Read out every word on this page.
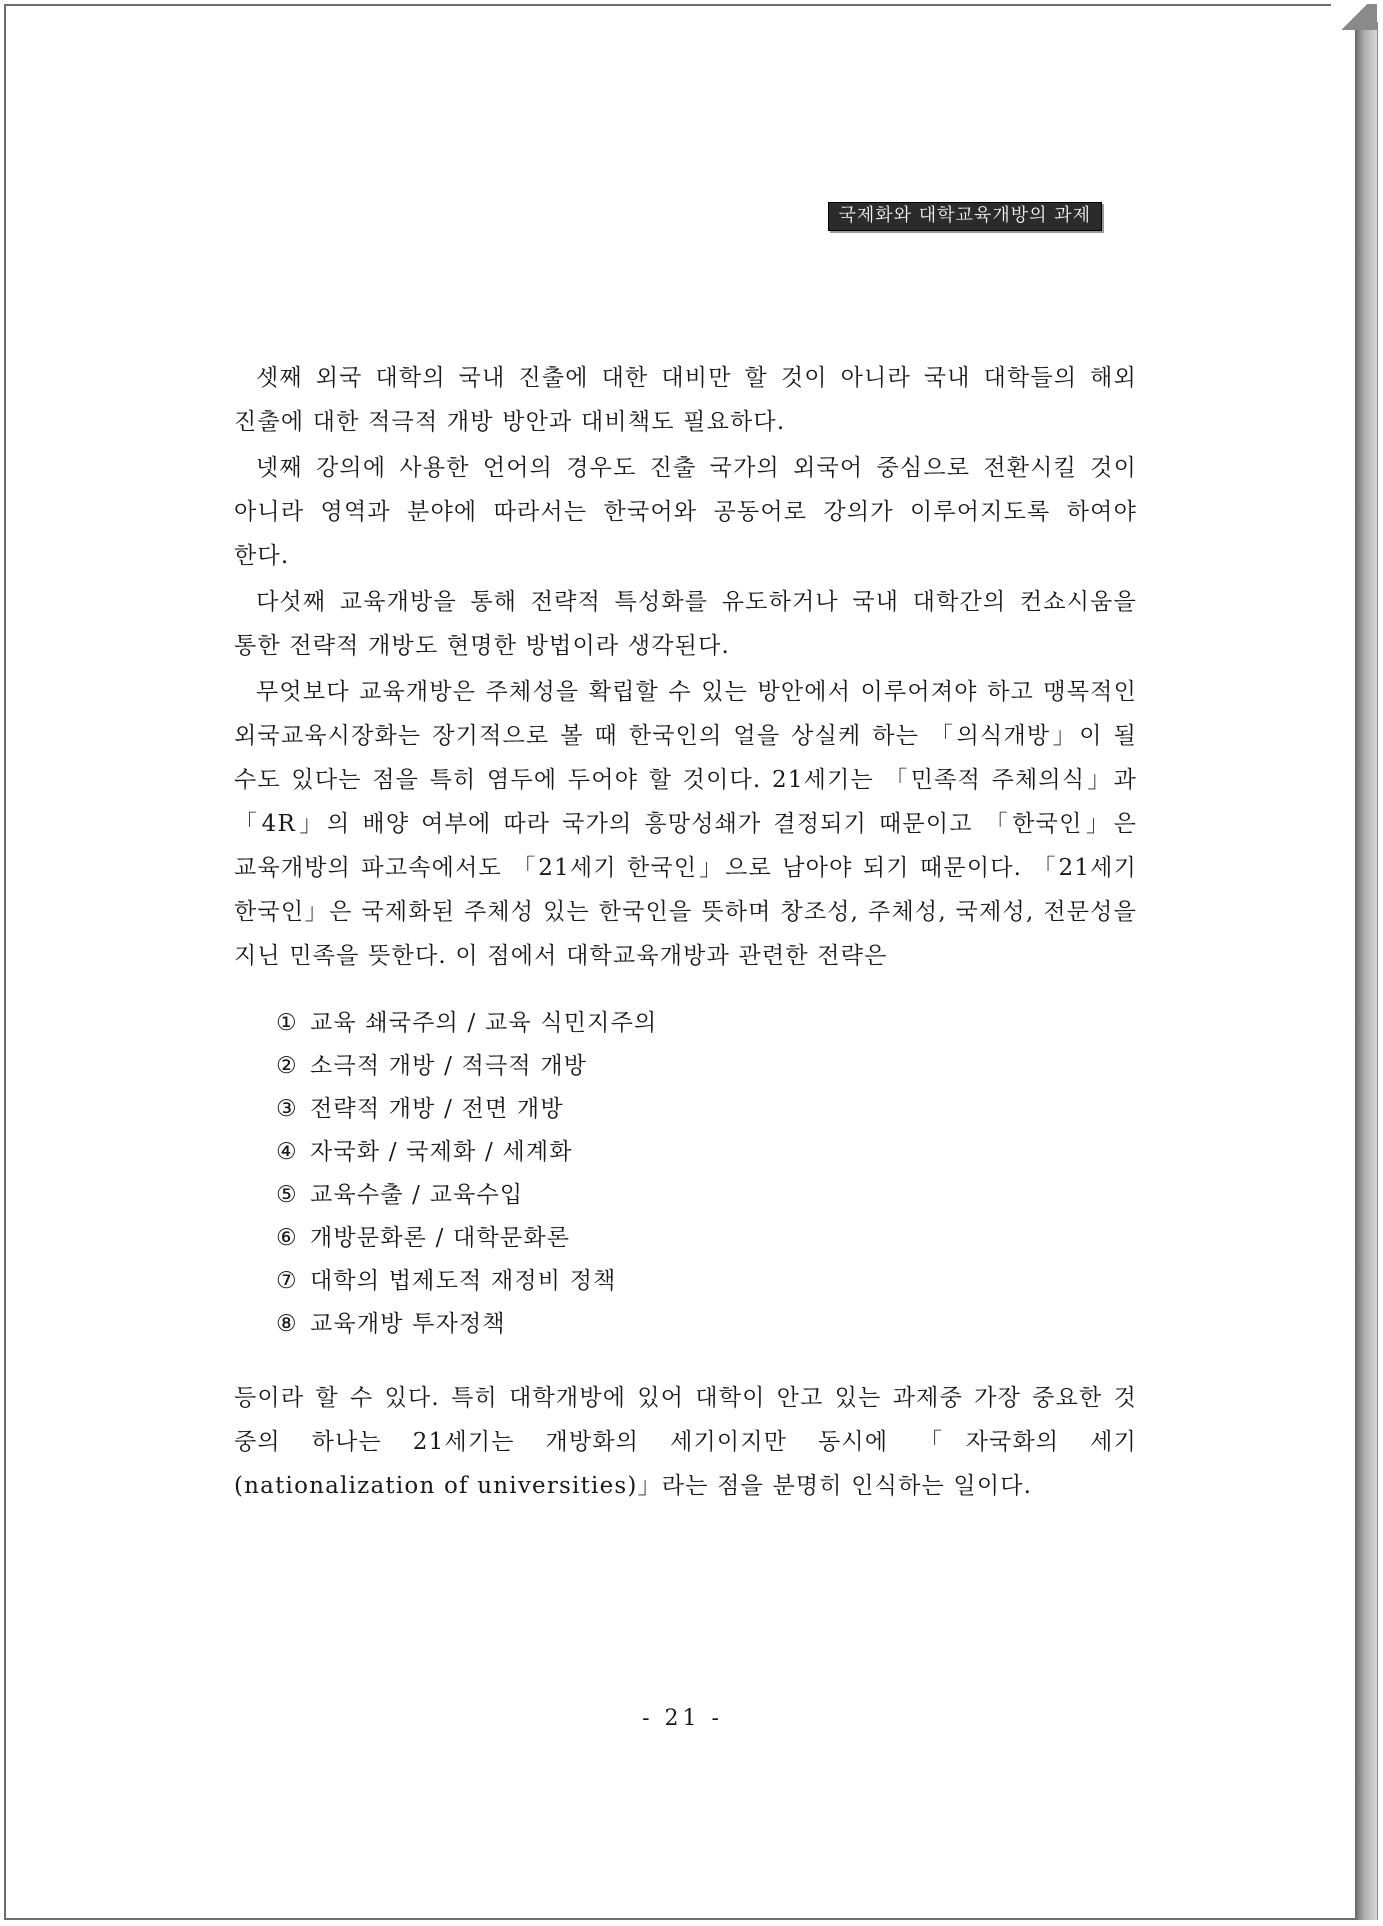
국제화와 대학교육개방의 과제

셋째 외국 대학의 국내 진출에 대한 대비만 할 것이 아니라 국내 대학들의 해외 진출에 대한 적극적 개방 방안과 대비책도 필요하다.

넷째 강의에 사용한 언어의 경우도 진출 국가의 외국어 중심으로 전환시킬 것이 아니라 영역과 분야에 따라서는 한국어와 공동어로 강의가 이루어지도록 하여야 한다.

다섯째 교육개방을 통해 전략적 특성화를 유도하거나 국내 대학간의 컨쇼시움을 통한 전략적 개방도 현명한 방법이라 생각된다.

무엇보다 교육개방은 주체성을 확립할 수 있는 방안에서 이루어져야 하고 맹목적인 외국교육시장화는 장기적으로 볼 때 한국인의 얼을 상실케 하는 「의식개방」이 될 수도 있다는 점을 특히 염두에 두어야 할 것이다. 21세기는 「민족적 주체의식」과 「4R」의 배양 여부에 따라 국가의 흥망성쇄가 결정되기 때문이고 「한국인」은 교육개방의 파고속에서도 「21세기 한국인」으로 남아야 되기 때문이다. 「21세기 한국인」은 국제화된 주체성 있는 한국인을 뜻하며 창조성, 주체성, 국제성, 전문성을 지닌 민족을 뜻한다. 이 점에서 대학교육개방과 관련한 전략은

① 교육 쇄국주의 / 교육 식민지주의
② 소극적 개방 / 적극적 개방
③ 전략적 개방 / 전면 개방
④ 자국화 / 국제화 / 세계화
⑤ 교육수출 / 교육수입
⑥ 개방문화론 / 대학문화론
⑦ 대학의 법제도적 재정비 정책
⑧ 교육개방 투자정책

등이라 할 수 있다. 특히 대학개방에 있어 대학이 안고 있는 과제중 가장 중요한 것 중의 하나는 21세기는 개방화의 세기이지만 동시에 「자국화의 세기 (nationalization of universities)」라는 점을 분명히 인식하는 일이다.

- 21 -
